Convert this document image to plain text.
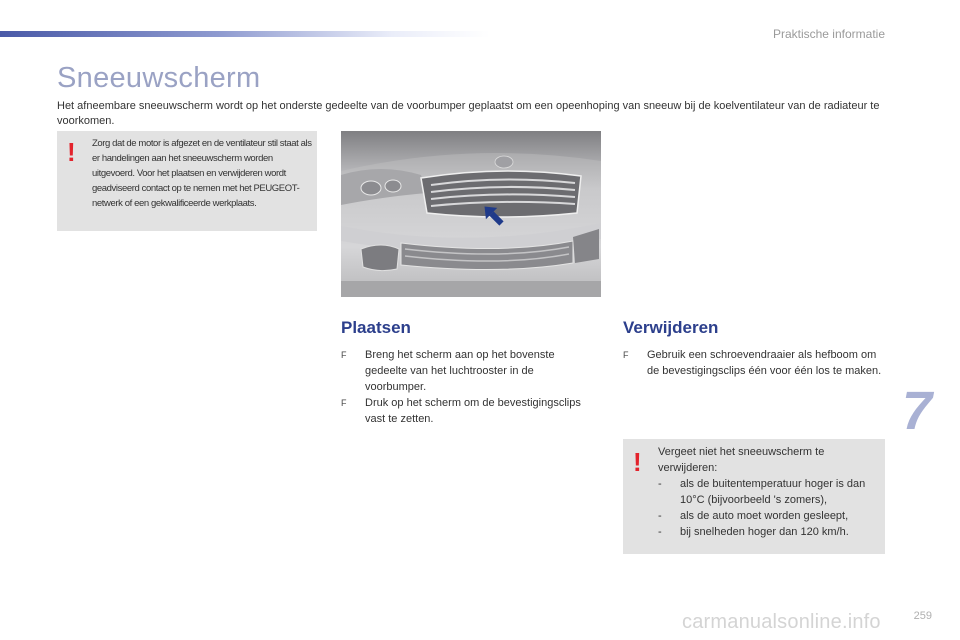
Praktische informatie
Sneeuwscherm

Het afneembare sneeuwscherm wordt op het onderste gedeelte van de voorbumper geplaatst om een opeenhoping van sneeuw bij de koelventilateur van de radiateur te voorkomen.

! Zorg dat de motor is afgezet en de ventilateur stil staat als er handelingen aan het sneeuwscherm worden uitgevoerd. Voor het plaatsen en verwijderen wordt geadviseerd contact op te nemen met het PEUGEOT-netwerk of een gekwalificeerde werkplaats.

Plaatsen
F Breng het scherm aan op het bovenste gedeelte van het luchtrooster in de voorbumper.
F Druk op het scherm om de bevestigingsclips vast te zetten.
Verwijderen
F Gebruik een schroevendraaier als hefboom om de bevestigingsclips één voor één los te maken.
! Vergeet niet het sneeuwscherm te verwijderen:
- als de buitentemperatuur hoger is dan 10°C (bijvoorbeeld 's zomers),
- als de auto moet worden gesleept,
- bij snelheden hoger dan 120 km/h.
7
carmanualsonline.info	259
